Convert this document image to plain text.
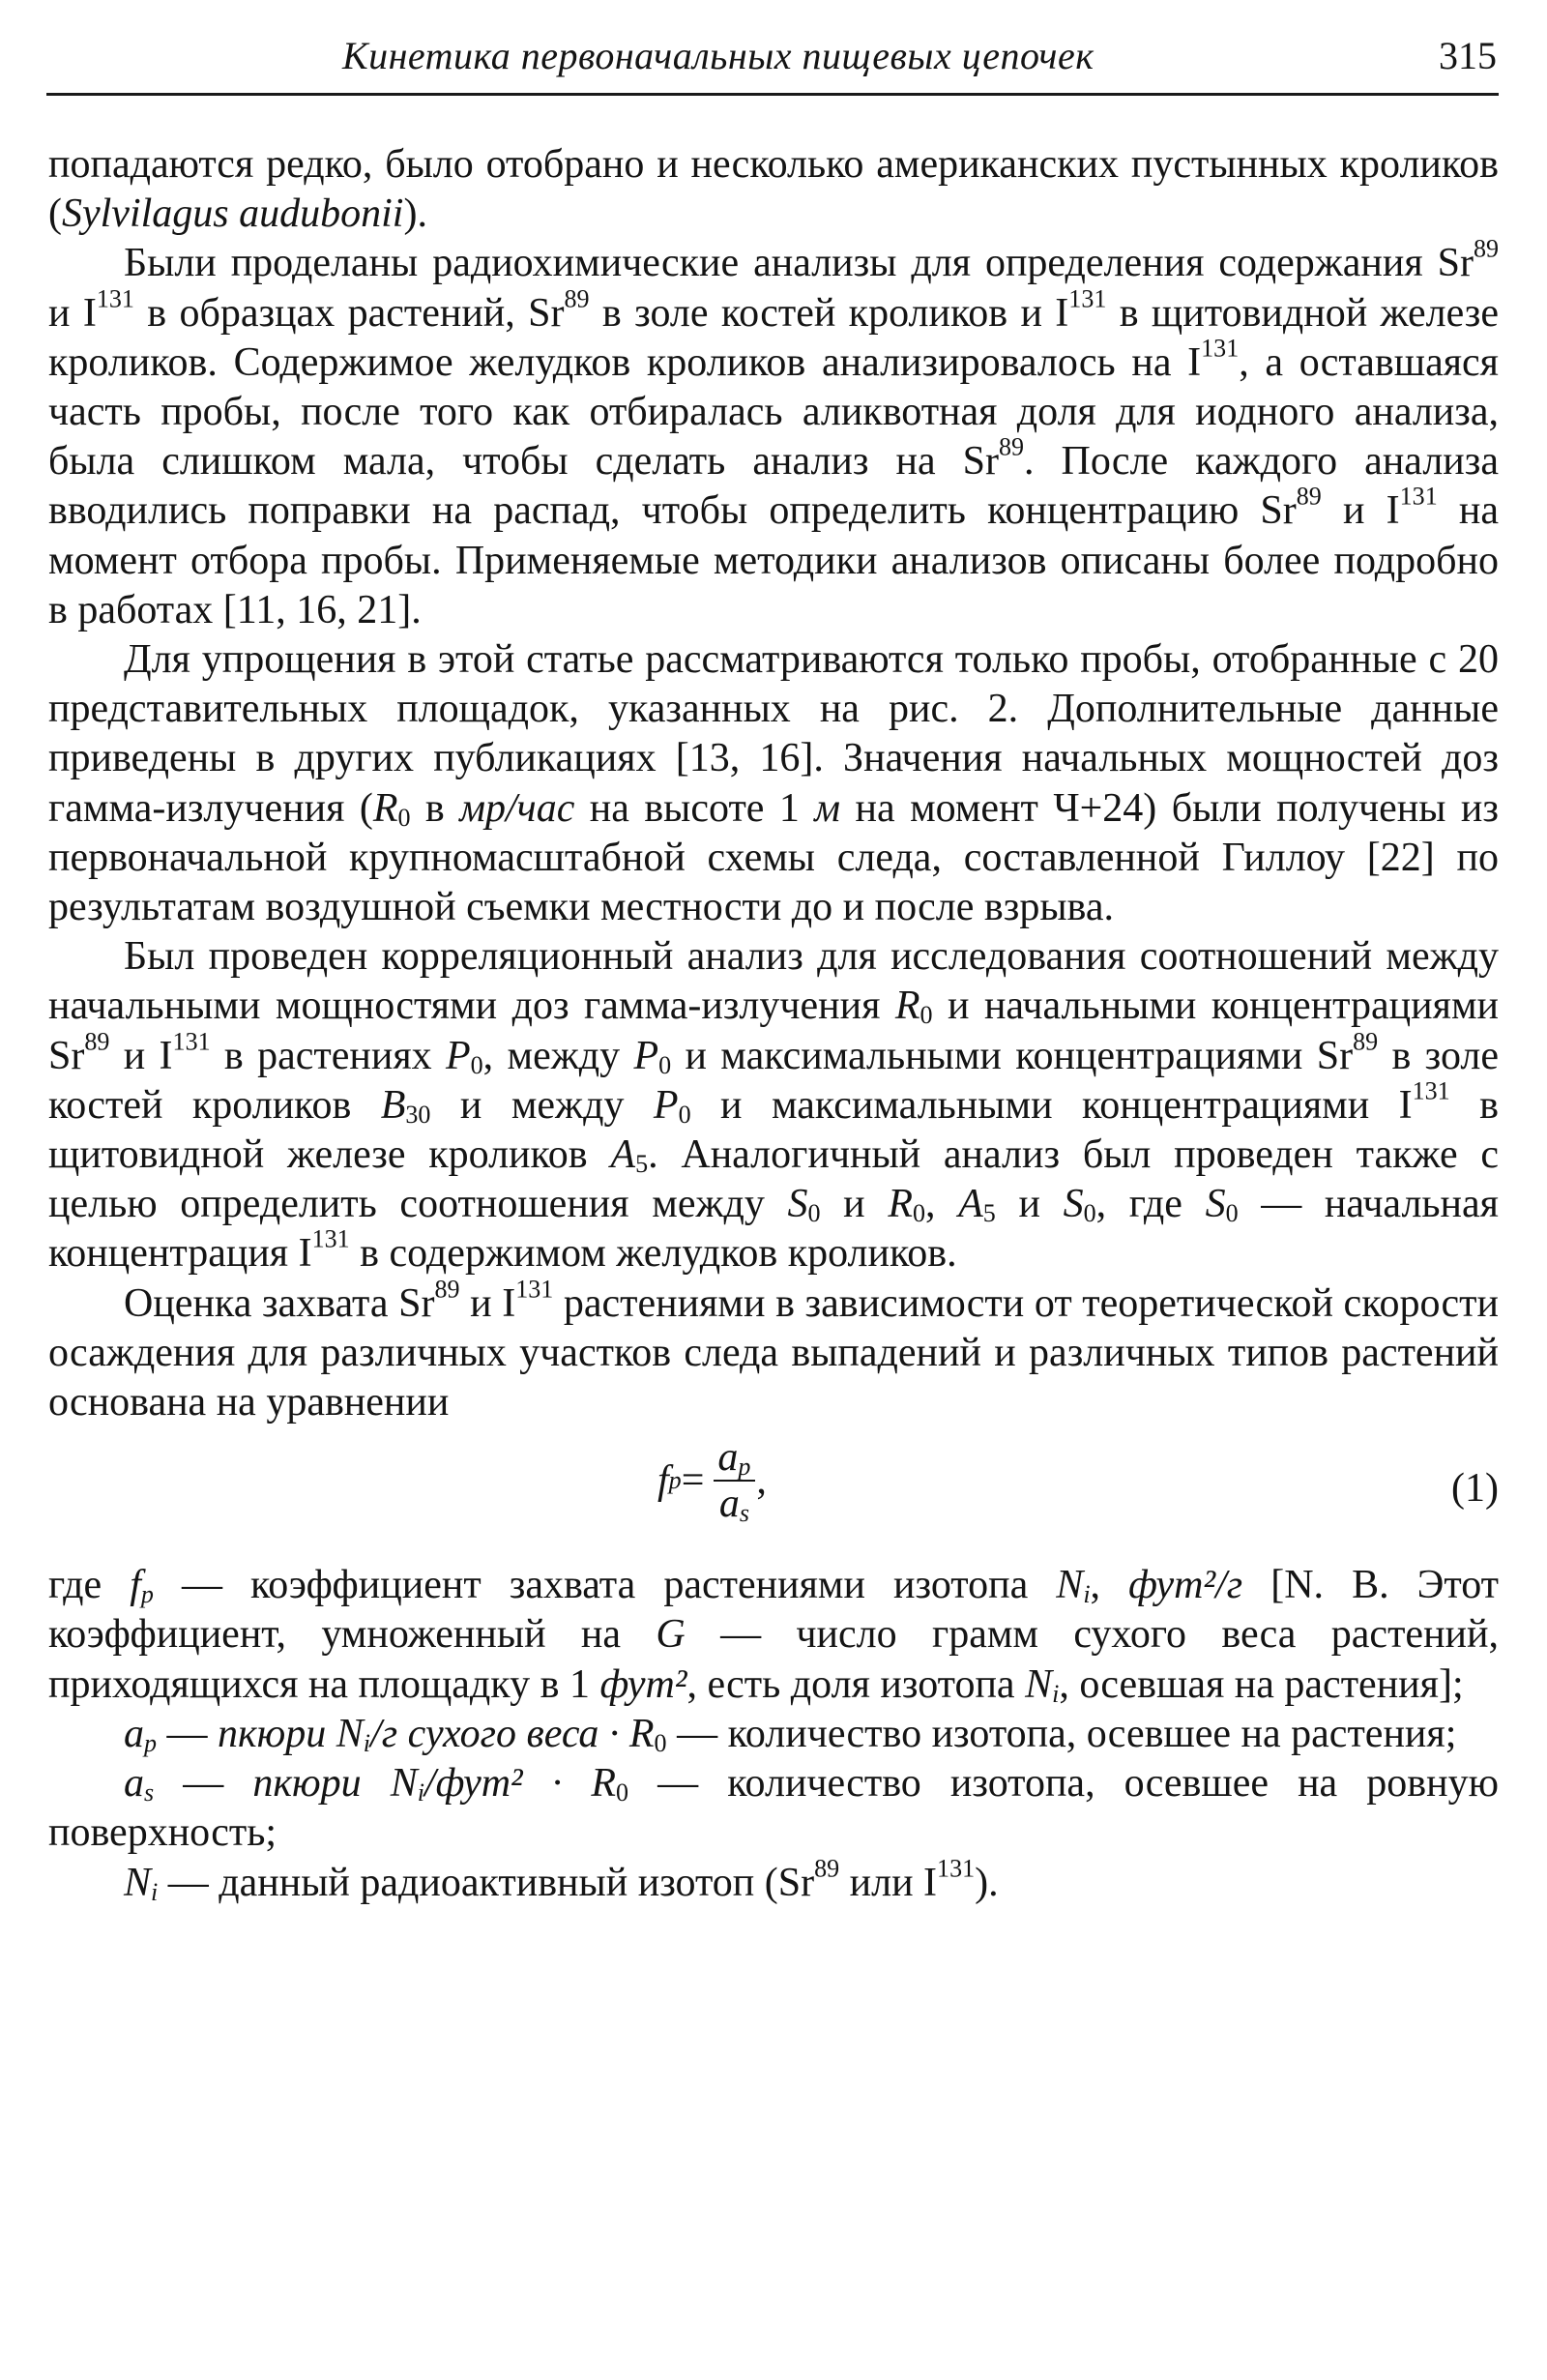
Кинетика первоначальных пищевых цепочек	315

попадаются редко, было отобрано и несколько американских пустынных кроликов (Sylvilagus audubonii).

Были проделаны радиохимические анализы для определения содержания Sr$^{89}$ и $I^{131}$ в образцах растений, Sr$^{89}$ в золе костей кроликов и $I^{131}$ в щитовидной железе кроликов. Содержимое желудков кроликов анализировалось на $I^{131}$, а оставшаяся часть пробы, после того как отбиралась аликвотная доля для иодного анализа, была слишком мала, чтобы сделать анализ на Sr$^{89}$. После каждого анализа вводились поправки на распад, чтобы определить концентрацию Sr$^{89}$ и $I^{131}$ на момент отбора пробы. Применяемые методики анализов описаны более подробно в работах [11, 16, 21].

Для упрощения в этой статье рассматриваются только пробы, отобранные с 20 представительных площадок, указанных на рис. 2. Дополнительные данные приведены в других публикациях [13, 16]. Значения начальных мощностей доз гамма-излучения ($R_0$ в мр/час на высоте 1 м на момент Ч+24) были получены из первоначальной крупномасштабной схемы следа, составленной Гиллоу [22] по результатам воздушной съемки местности до и после взрыва.

Был проведен корреляционный анализ для исследования соотношений между начальными мощностями доз гамма-излучения $R_0$ и начальными концентрациями Sr$^{89}$ и $I^{131}$ в растениях $P_0$, между $P_0$ и максимальными концентрациями Sr$^{89}$ в золе костей кроликов $B_{30}$ и между $P_0$ и максимальными концентрациями $I^{131}$ в щитовидной железе кроликов $A_5$. Аналогичный анализ был проведен также с целью определить соотношения между $S_0$ и $R_0$, $A_5$ и $S_0$, где $S_0$ — начальная концентрация $I^{131}$ в содержимом желудков кроликов.

Оценка захвата Sr$^{89}$ и $I^{131}$ растениями в зависимости от теоретической скорости осаждения для различных участков следа выпадений и различных типов растений основана на уравнении

f $p = \frac{a_p}{a_s}$ ,	(1)

где $f_p$ — коэффициент захвата растениями изотопа $N_i$, фут²/г [N. B. Этот коэффициент, умноженный на G — число грамм сухого веса растений, приходящихся на площадку в 1 фут², есть доля изотопа $N_i$, осевшая на растения];

$a_p$ — пкюри $N_i/г$ сухого веса · $R_0$ — количество изотопа, осевшее на растения;

$a_s$ — пкюри $N_i$/фут² · $R_0$ — количество изотопа, осевшее на ровную поверхность;

$N_i$ — данный радиоактивный изотоп (Sr$^{89}$ или $I^{131}$).
